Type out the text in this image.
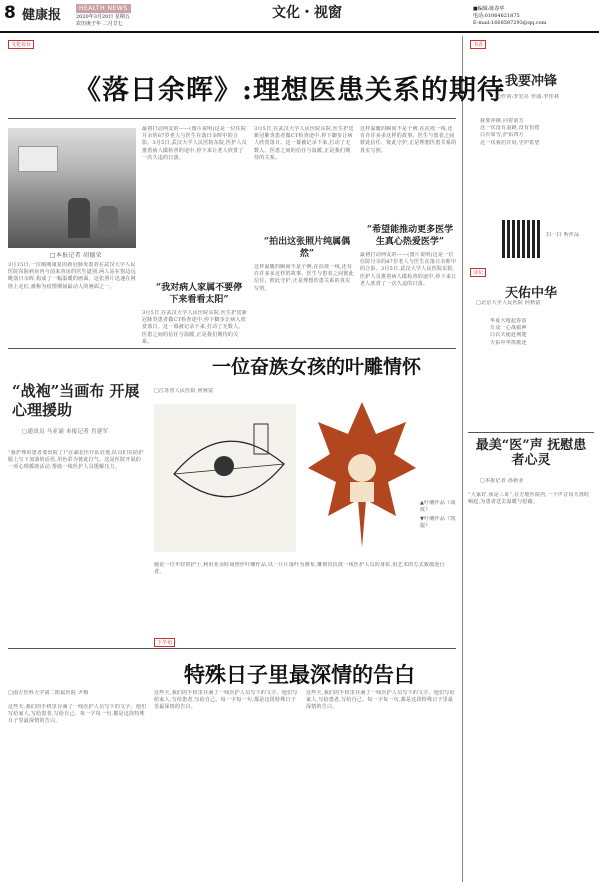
8 健康报	HEALTH NEWS
2020年3月20日 星期五
农历庚子年 二月廿七
文化・视窗	■编辑:陈春华
电话:01064621875
E-mail:1668587293@qq.com
文化看台
《落日余晖》:理想医患关系的期待
□本报记者 胡德荣
3月15日,一位刚刚康复的新冠肺炎患者在武汉大学人民医院东院病房内与前来查房的医生道别,两人站在窗边远眺落日余晖,构成了一幅温暖的画面。这张照片迅速在网络上走红,被称为疫情期间最动人的画面之一。
最初打动网友的——(图片说明)这是一位住院月余的87岁老人与医生在落日余晖中的合影。3月5日,武汉大学人民医院东院,医护人员推着病人做检查的途中,停下来让老人欣赏了一次久违的日落。
“我对病人家属不要停下来看看太阳”
3月5日,在武汉大学人民医院东院,医生护送新冠肺炎患者做CT检查途中,停下脚步让病人欣赏落日。这一幕被记录下来,打动了无数人。医患之间的信任与温暖,正是我们期待的关系。
3月5日,在武汉大学人民医院东院,医生护送新冠肺炎患者做CT检查途中,停下脚步让病人欣赏落日。这一幕被记录下来,打动了无数人。医患之间的信任与温暖,正是我们期待的关系。
“拍出这张照片纯属偶然”
这样温暖的瞬间不是个例,在抗疫一线,还有许许多多这样的故事。医生与患者之间彼此信任、彼此守护,正是理想医患关系的真实写照。
这样温暖的瞬间不是个例,在抗疫一线,还有许许多多这样的故事。医生与患者之间彼此信任、彼此守护,正是理想医患关系的真实写照。
“希望能推动更多医学生真心热爱医学”
最初打动网友的——(图片说明)这是一位住院月余的87岁老人与医生在落日余晖中的合影。3月5日,武汉大学人民医院东院,医护人员推着病人做检查的途中,停下来让老人欣赏了一次久违的日落。
“战袍”当画布 开展心理援助
□通讯员 马亚诵 本报记者 肖建军
“我护理的患者要出院了!”在湖北医疗队驻地,队员们在防护服上写下加油的话语,用色彩为彼此打气。这是医院开展的一项心理援助活动,帮助一线医护人员缓解压力。
一位奋族女孩的叶雕情怀
□江苏省人民医院 何秋富
▲叶雕作品《战疫》
▼叶雕作品《凯旋》
她是一位年轻的护士,利用业余时间创作叶雕作品,以一片片落叶为画布,雕刻出抗疫一线医护人员的身影,用艺术的方式致敬逆行者。
下半旬
特殊日子里最深情的告白
□南方医科大学第二附属医院 尹梅
这些天,我们的手机里存满了一线医护人员写下的文字。他们写给家人,写给患者,写给自己。每一字每一句,都是这段特殊日子里最深情的告白。
这些天,我们的手机里存满了一线医护人员写下的文字。他们写给家人,写给患者,写给自己。每一字每一句,都是这段特殊日子里最深情的告白。
这些天,我们的手机里存满了一线医护人员写下的文字。他们写给家人,写给患者,写给自己。每一字每一句,都是这段特殊日子里最深情的告白。
书香
我要冲锋
□作词:李宏亮 作曲:李佳林
我要冲锋,向着前方
这一次没有退路,没有彷徨
白衣如雪,护佑四方
这一次我们并肩,守护希望
扫一扫 听作品
诗坛
天佑中华
□北京大学人民医院 何秋富
华夏大地起春雷
万众一心战瘟神
白衣天使赴荆楚
天佑中华凯歌还
最美“医”声 抚慰患者心灵
□本报记者 孙新业
“大家好,我是三哥”,在方舱医院内,一个声音每天准时响起,为患者送去温暖与慰藉。
